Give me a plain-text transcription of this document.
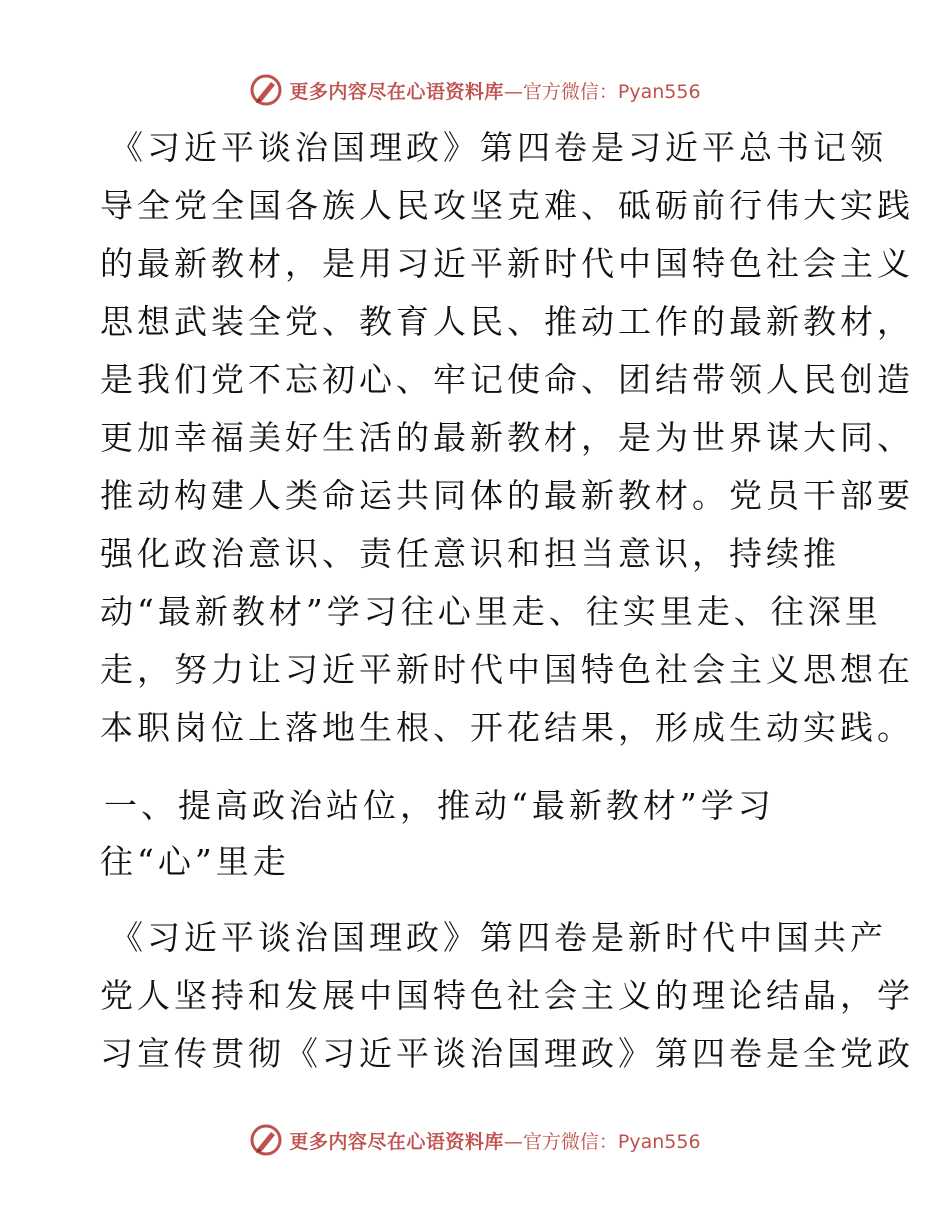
更多内容尽在心语资料库 —官方微信：Pyan556
《习近平谈治国理政》第四卷是习近平总书记领
导全党全国各族人民攻坚克难、砥砺前行伟大实践
的最新教材，是用习近平新时代中国特色社会主义
思想武装全党、教育人民、推动工作的最新教材，
是我们党不忘初心、牢记使命、团结带领人民创造
更加幸福美好生活的最新教材，是为世界谋大同、
推动构建人类命运共同体的最新教材。党员干部要
强化政治意识、责任意识和担当意识，持续推
动“最新教材”学习往心里走、往实里走、往深里
走，努力让习近平新时代中国特色社会主义思想在
本职岗位上落地生根、开花结果，形成生动实践。
一、提高政治站位，推动“最新教材”学习
往“心”里走
《习近平谈治国理政》第四卷是新时代中国共产
党人坚持和发展中国特色社会主义的理论结晶，学
习宣传贯彻《习近平谈治国理政》第四卷是全党政
更多内容尽在心语资料库 —官方微信：Pyan556
